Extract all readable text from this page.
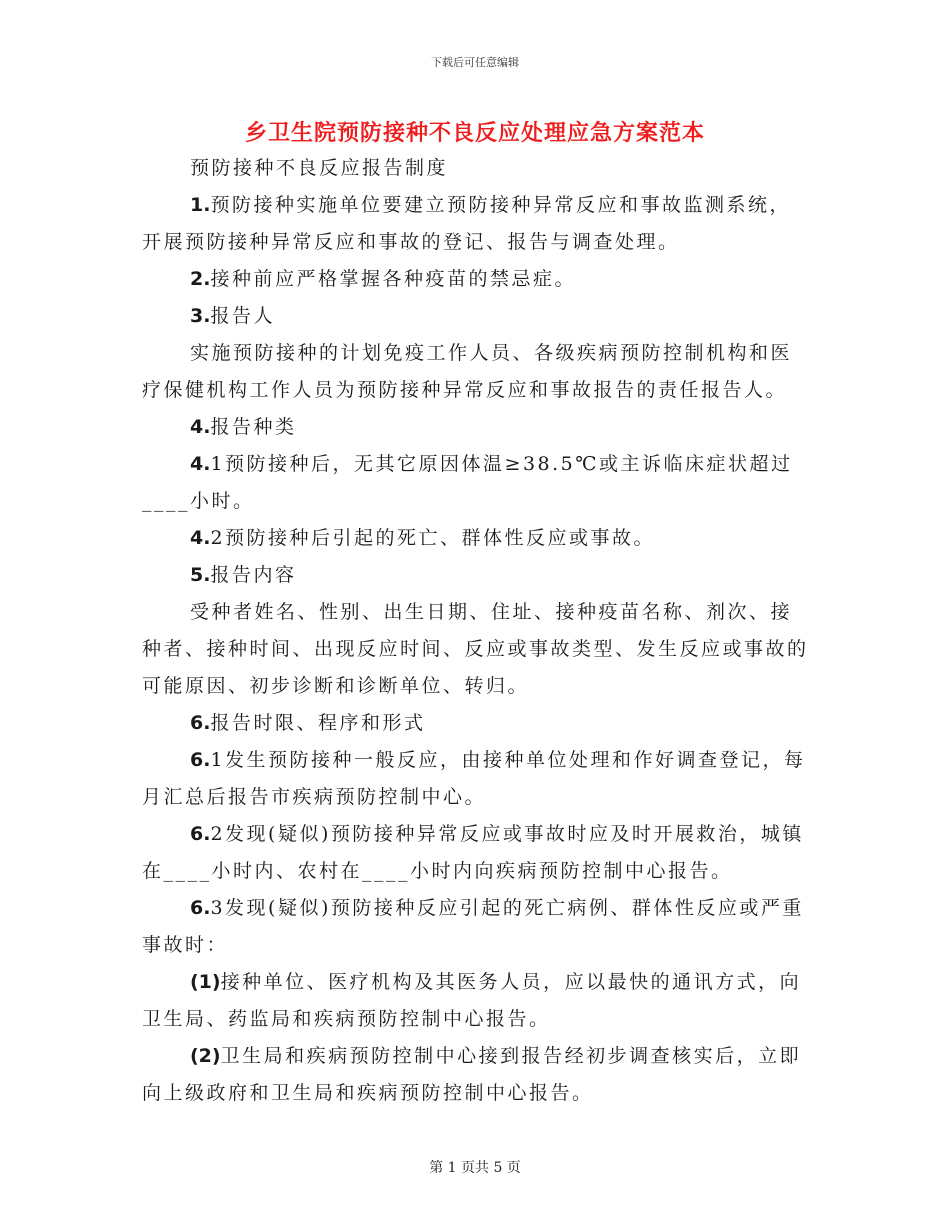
下载后可任意编辑
乡卫生院预防接种不良反应处理应急方案范本

预防接种不良反应报告制度

1.预防接种实施单位要建立预防接种异常反应和事故监测系统，开展预防接种异常反应和事故的登记、报告与调查处理。

2.接种前应严格掌握各种疫苗的禁忌症。

3.报告人

实施预防接种的计划免疫工作人员、各级疾病预防控制机构和医疗保健机构工作人员为预防接种异常反应和事故报告的责任报告人。

4.报告种类

4.1预防接种后，无其它原因体温≥38.5℃或主诉临床症状超过____小时。

4.2预防接种后引起的死亡、群体性反应或事故。

5.报告内容

受种者姓名、性别、出生日期、住址、接种疫苗名称、剂次、接种者、接种时间、出现反应时间、反应或事故类型、发生反应或事故的可能原因、初步诊断和诊断单位、转归。

6.报告时限、程序和形式

6.1发生预防接种一般反应，由接种单位处理和作好调查登记，每月汇总后报告市疾病预防控制中心。

6.2发现(疑似)预防接种异常反应或事故时应及时开展救治，城镇在____小时内、农村在____小时内向疾病预防控制中心报告。

6.3发现(疑似)预防接种反应引起的死亡病例、群体性反应或严重事故时：

(1)接种单位、医疗机构及其医务人员，应以最快的通讯方式，向卫生局、药监局和疾病预防控制中心报告。

(2)卫生局和疾病预防控制中心接到报告经初步调查核实后，立即向上级政府和卫生局和疾病预防控制中心报告。

第 1 页共 5 页
